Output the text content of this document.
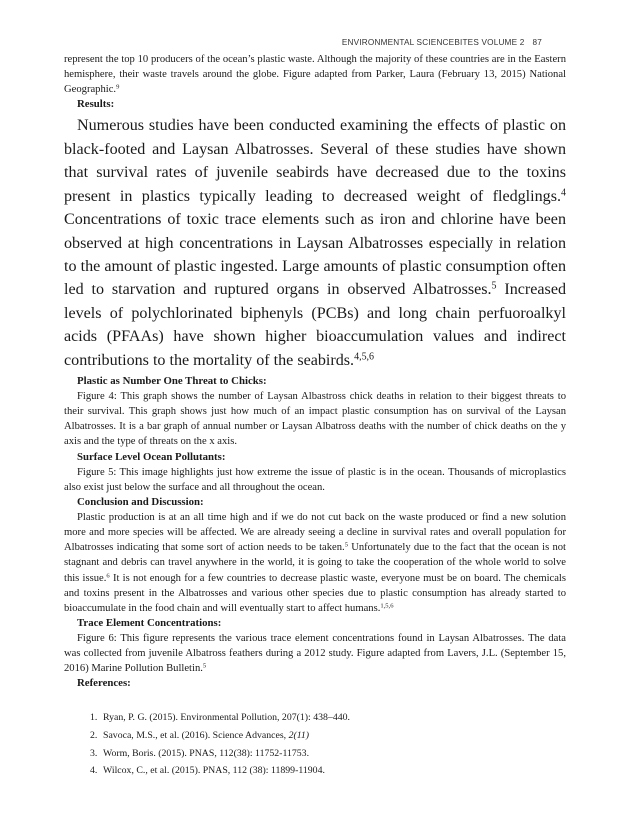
ENVIRONMENTAL SCIENCEBITES VOLUME 2 87

represent the top 10 producers of the ocean’s plastic waste. Although the majority of these countries are in the Eastern hemisphere, their waste travels around the globe. Figure adapted from Parker, Laura (February 13, 2015) National Geographic.$^9$

Results:

Numerous studies have been conducted examining the effects of plastic on black-footed and Laysan Albatrosses. Several of these studies have shown that survival rates of juvenile seabirds have decreased due to the toxins present in plastics typically leading to decreased weight of fledglings.$^4$ Concentrations of toxic trace elements such as iron and chlorine have been observed at high concentrations in Laysan Albatrosses especially in relation to the amount of plastic ingested. Large amounts of plastic consumption often led to starvation and ruptured organs in observed Albatrosses.$^5$ Increased levels of polychlorinated biphenyls (PCBs) and long chain perfuoroalkyl acids (PFAAs) have shown higher bioaccumulation values and indirect contributions to the mortality of the seabirds.$^{4,5,6}$

Plastic as Number One Threat to Chicks:

Figure 4: This graph shows the number of Laysan Albastross chick deaths in relation to their biggest threats to their survival. This graph shows just how much of an impact plastic consumption has on survival of the Laysan Albatrosses. It is a bar graph of annual number or Laysan Albatross deaths with the number of chick deaths on the y axis and the type of threats on the x axis.

Surface Level Ocean Pollutants:

Figure 5: This image highlights just how extreme the issue of plastic is in the ocean. Thousands of microplastics also exist just below the surface and all throughout the ocean.

Conclusion and Discussion:

Plastic production is at an all time high and if we do not cut back on the waste produced or find a new solution more and more species will be affected. We are already seeing a decline in survival rates and overall population for Albatrosses indicating that some sort of action needs to be taken.$^5$ Unfortunately due to the fact that the ocean is not stagnant and debris can travel anywhere in the world, it is going to take the cooperation of the whole world to solve this issue.$^6$ It is not enough for a few countries to decrease plastic waste, everyone must be on board. The chemicals and toxins present in the Albatrosses and various other species due to plastic consumption has already started to bioaccumulate in the food chain and will eventually start to affect humans.$^{1,5,6}$

Trace Element Concentrations:

Figure 6: This figure represents the various trace element concentrations found in Laysan Albatrosses. The data was collected from juvenile Albatross feathers during a 2012 study. Figure adapted from Lavers, J.L. (September 15, 2016) Marine Pollution Bulletin.$^5$

References:

1. Ryan, P. G. (2015). Environmental Pollution, 207(1): 438–440.
2. Savoca, M.S., et al. (2016). Science Advances, 2(11)
3. Worm, Boris. (2015). PNAS, 112(38): 11752-11753.
4. Wilcox, C., et al. (2015). PNAS, 112 (38): 11899-11904.
